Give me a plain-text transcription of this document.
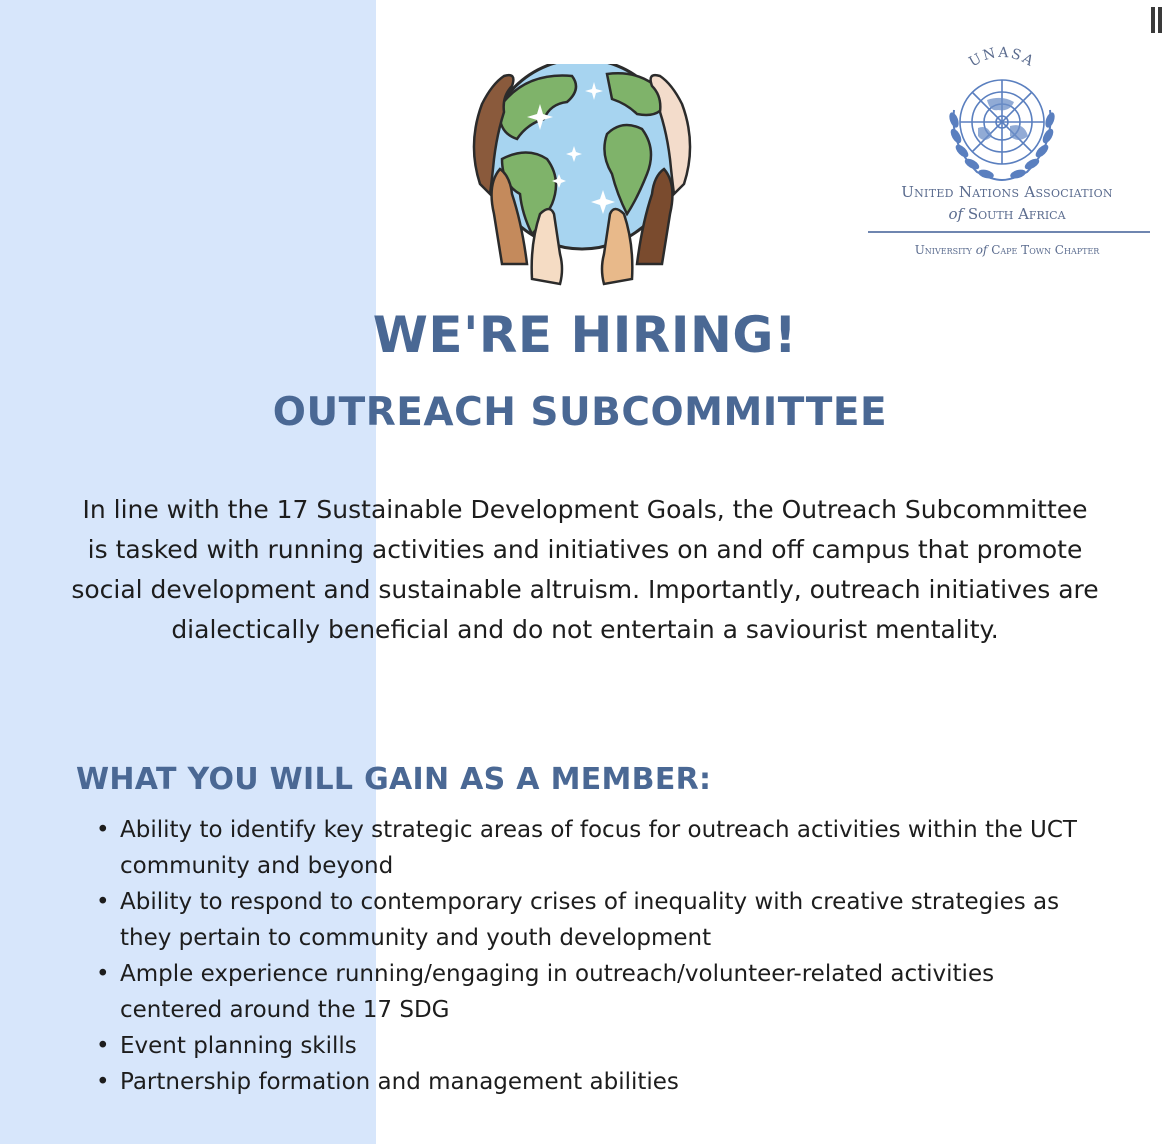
UNASA
United Nations Association
of South Africa
University of Cape Town Chapter
WE'RE HIRING!
OUTREACH SUBCOMMITTEE
In line with the 17 Sustainable Development Goals, the Outreach Subcommittee is tasked with running activities and initiatives on and off campus that promote social development and sustainable altruism. Importantly, outreach initiatives are dialectically beneficial and do not entertain a saviourist mentality.
WHAT YOU WILL GAIN AS A MEMBER:
• Ability to identify key strategic areas of focus for outreach activities within the UCT community and beyond
• Ability to respond to contemporary crises of inequality with creative strategies as they pertain to community and youth development
• Ample experience running/engaging in outreach/volunteer-related activities centered around the 17 SDG
• Event planning skills
• Partnership formation and management abilities
